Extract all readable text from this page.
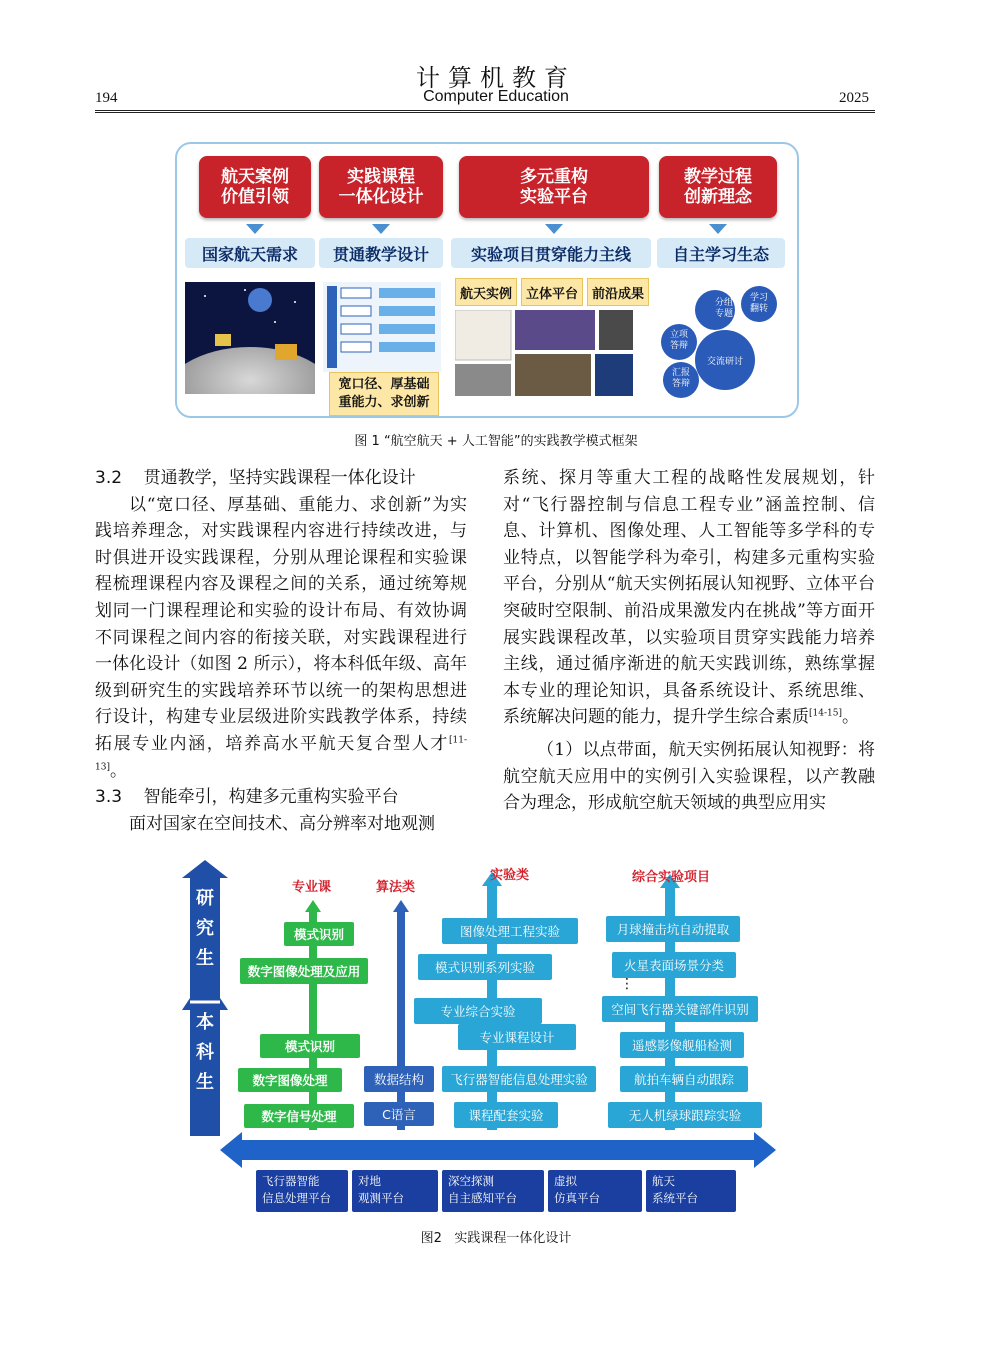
计算机教育
Computer Education
194	2025
航天案例
价值引领
实践课程
一体化设计
多元重构
实验平台
教学过程
创新理念
国家航天需求	贯通教学设计	实验项目贯穿能力主线	自主学习生态
宽口径、厚基础
重能力、求创新
航天实例	立体平台	前沿成果
分组
专题
学习
翻转
立项
答辩
交流研讨
汇报
答辩
图 1 “航空航天 + 人工智能”的实践教学模式框架
3.2    贯通教学，坚持实践课程一体化设计

以“宽口径、厚基础、重能力、求创新”为实践培养理念，对实践课程内容进行持续改进，与时俱进开设实践课程，分别从理论课程和实验课程梳理课程内容及课程之间的关系，通过统筹规划同一门课程理论和实验的设计布局、有效协调不同课程之间内容的衔接关联，对实践课程进行一体化设计（如图 2 所示），将本科低年级、高年级到研究生的实践培养环节以统一的架构思想进行设计，构建专业层级进阶实践教学体系，持续拓展专业内涵，培养高水平航天复合型人才[11-13]。

3.3    智能牵引，构建多元重构实验平台

面对国家在空间技术、高分辨率对地观测

系统、探月等重大工程的战略性发展规划，针对“飞行器控制与信息工程专业”涵盖控制、信息、计算机、图像处理、人工智能等多学科的专业特点，以智能学科为牵引，构建多元重构实验平台，分别从“航天实例拓展认知视野、立体平台突破时空限制、前沿成果激发内在挑战”等方面开展实践课程改革，以实验项目贯穿实践能力培养主线，通过循序渐进的航天实践训练，熟练掌握本专业的理论知识，具备系统设计、系统思维、系统解决问题的能力，提升学生综合素质[14-15]。

（1）以点带面，航天实例拓展认知视野：将航空航天应用中的实例引入实验课程，以产教融合为理念，形成航空航天领域的典型应用实

研
究
生
本
科
生
专业课	算法类
实验类	综合实验项目
模式识别
数字图像处理及应用
模式识别
数字图像处理
数字信号处理
数据结构
C语言
图像处理工程实验
模式识别系列实验
专业综合实验
专业课程设计
飞行器智能信息处理实验
课程配套实验
月球撞击坑自动提取
火星表面场景分类
⋮
空间飞行器关键部件识别
遥感影像舰船检测
航拍车辆自动跟踪
无人机绿球跟踪实验
飞行器智能
信息处理平台
对地
观测平台
深空探测
自主感知平台
虚拟
仿真平台
航天
系统平台
图2   实践课程一体化设计
